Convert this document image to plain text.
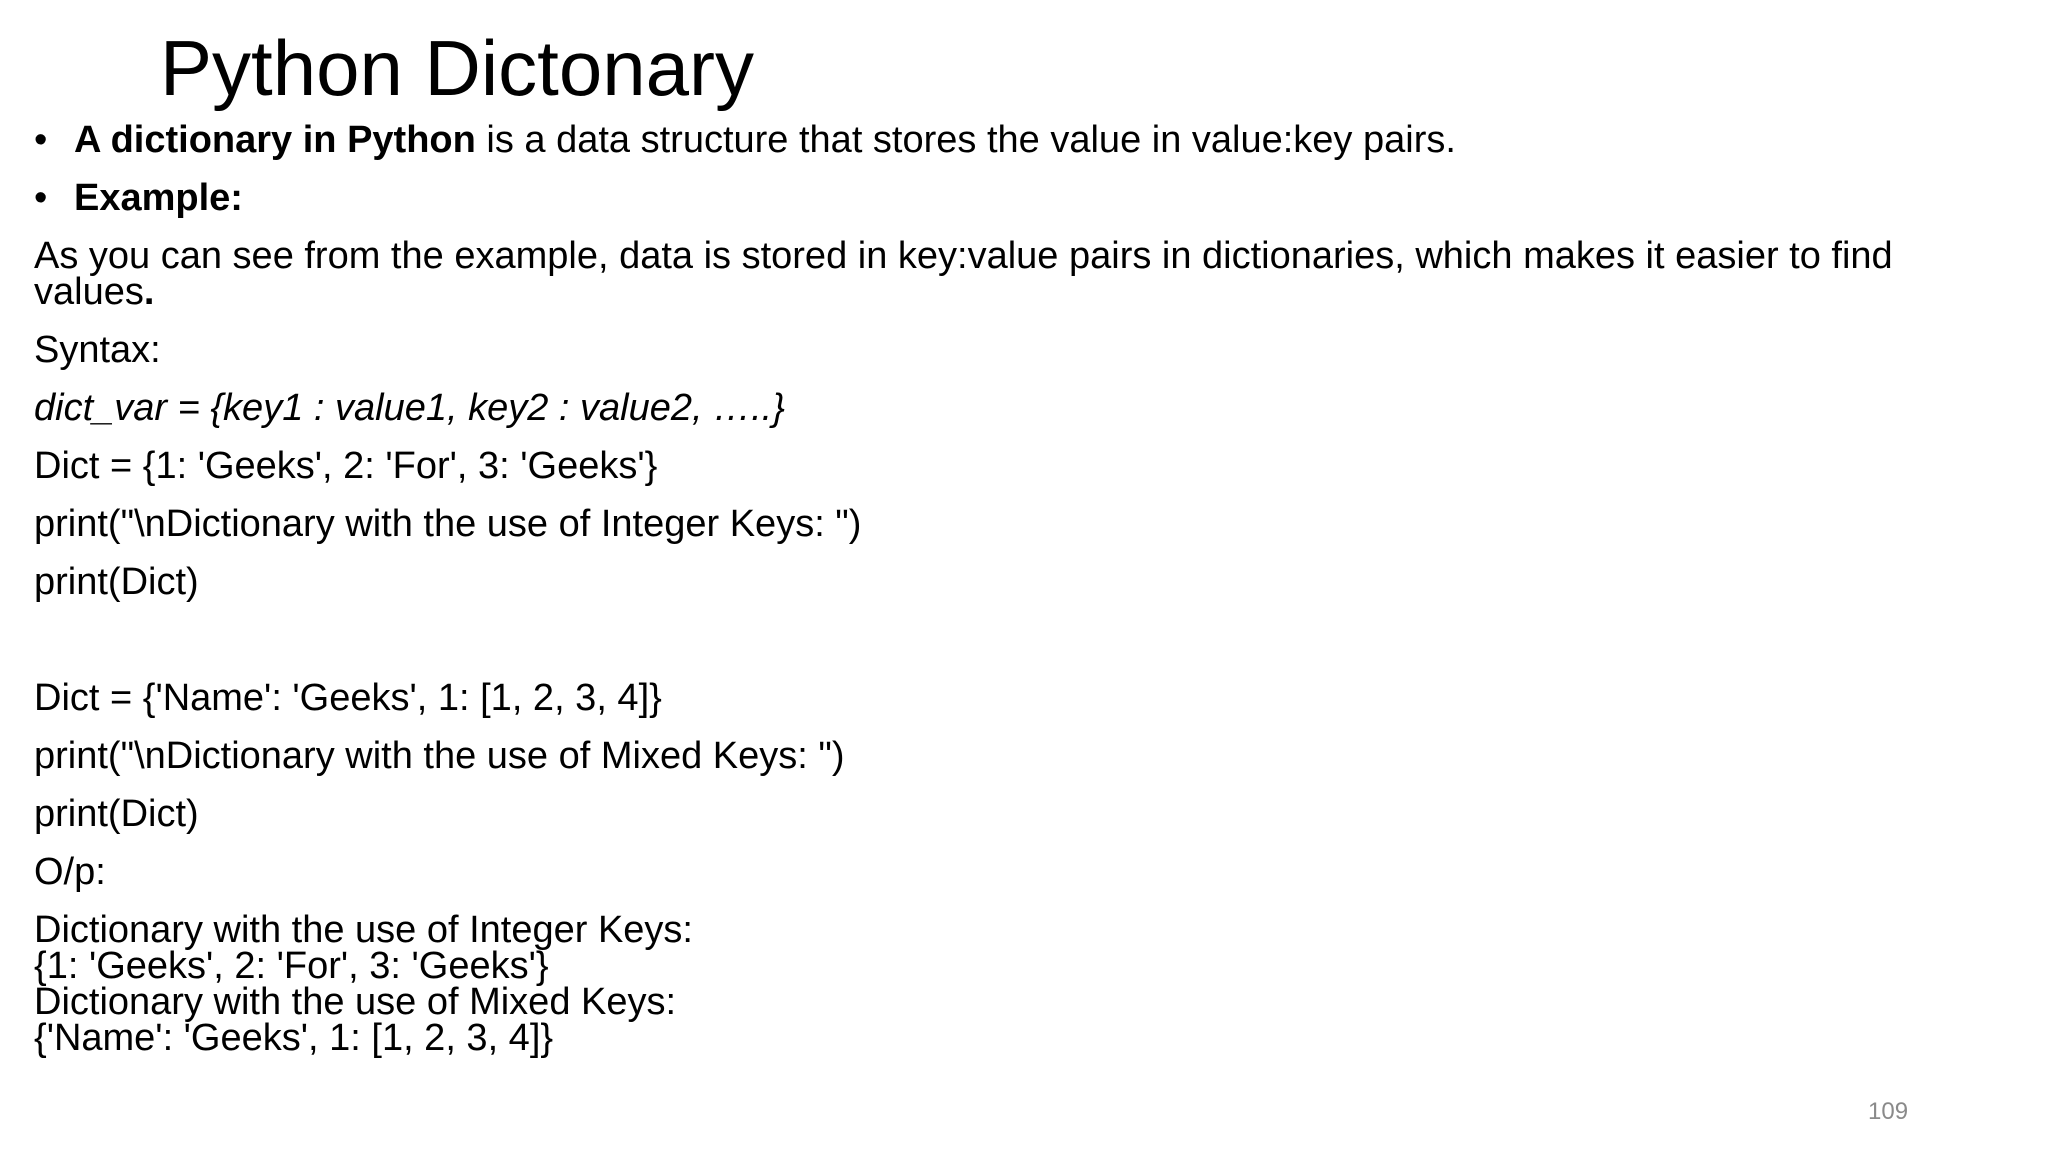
Python Dictonary
• A dictionary in Python is a data structure that stores the value in value:key pairs.
• Example:
As you can see from the example, data is stored in key:value pairs in dictionaries, which makes it easier to find
values.
Syntax:
dict_var = {key1 : value1, key2 : value2, …..}
Dict = {1: 'Geeks', 2: 'For', 3: 'Geeks'}
print("\nDictionary with the use of Integer Keys: ")
print(Dict)
Dict = {'Name': 'Geeks', 1: [1, 2, 3, 4]}
print("\nDictionary with the use of Mixed Keys: ")
print(Dict)
O/p:
Dictionary with the use of Integer Keys:
{1: 'Geeks', 2: 'For', 3: 'Geeks'}
Dictionary with the use of Mixed Keys:
{'Name': 'Geeks', 1: [1, 2, 3, 4]}
109
